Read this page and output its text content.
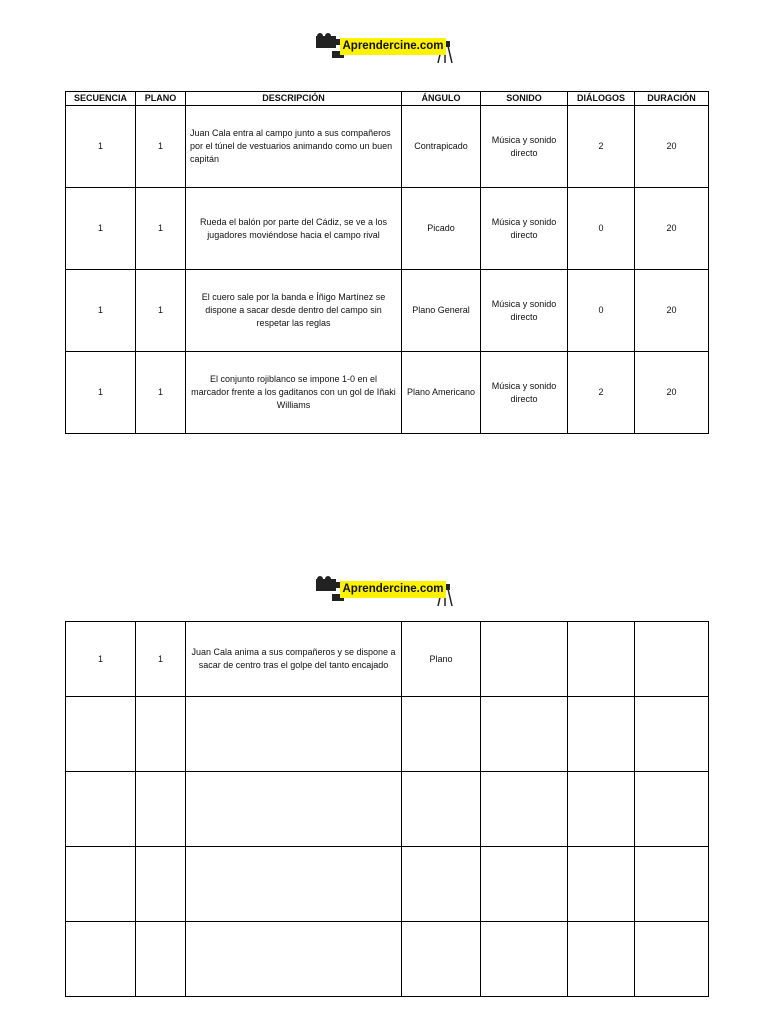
Aprendercine.com
SECUENCIA	PLANO	DESCRIPCIÓN	ÁNGULO	SONIDO	DIÁLOGOS	DURACIÓN
1	1	Juan Cala entra al campo junto a sus compañeros por el túnel de vestuarios animando como un buen capitán	Contrapicado	Música y sonido directo	2	20
1	1	Rueda el balón por parte del Cádiz, se ve a los jugadores moviéndose hacia el campo rival	Picado	Música y sonido directo	0	20
1	1	El cuero sale por la banda e Íñigo Martínez se dispone a sacar desde dentro del campo sin respetar las reglas	Plano General	Música y sonido directo	0	20
1	1	El conjunto rojiblanco se impone 1-0 en el marcador frente a los gaditanos con un gol de Iñaki Williams	Plano Americano	Música y sonido directo	2	20
Aprendercine.com
1	1	Juan Cala anima a sus compañeros y se dispone a sacar de centro tras el golpe del tanto encajado	Plano			
